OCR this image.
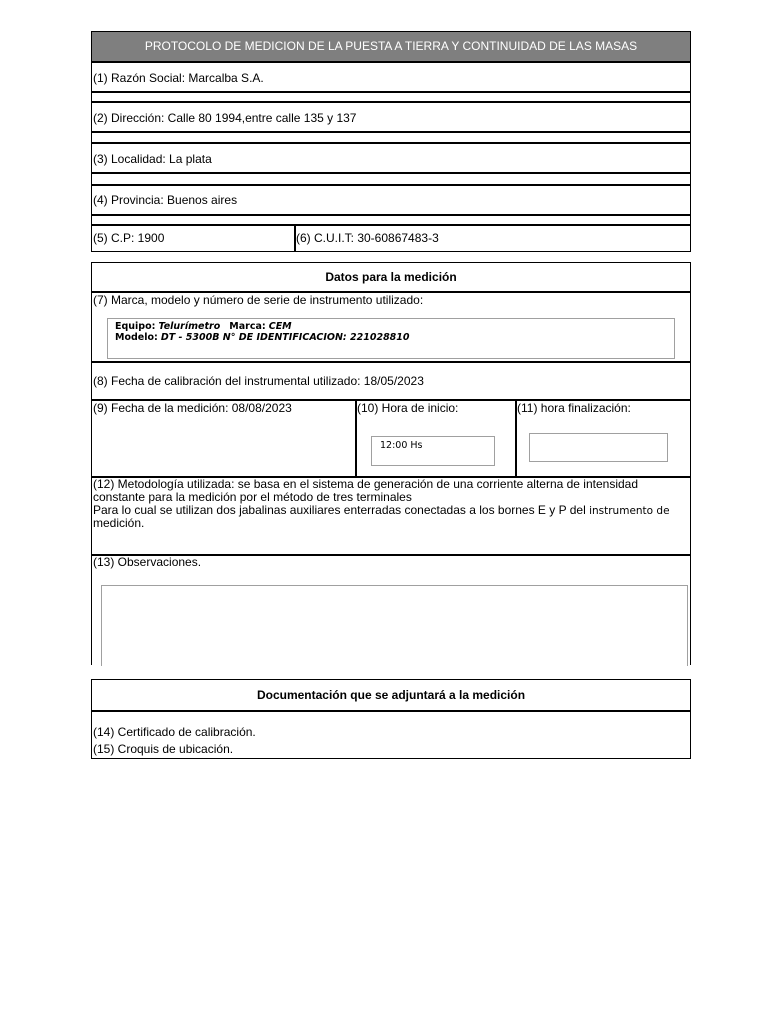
PROTOCOLO DE MEDICION DE LA PUESTA A TIERRA Y CONTINUIDAD DE LAS MASAS
(1) Razón Social: Marcalba S.A.
(2) Dirección: Calle 80 1994,entre calle 135 y 137
(3) Localidad: La plata
(4) Provincia: Buenos aires
(5) C.P: 1900	(6) C.U.I.T: 30-60867483-3
Datos para la medición
(7) Marca, modelo y número de serie de instrumento utilizado:
Equipo: Telurímetro Marca: CEM
Modelo: DT - 5300B N° DE IDENTIFICACION: 221028810
(8) Fecha de calibración del instrumental utilizado: 18/05/2023
(9) Fecha de la medición: 08/08/2023	(10) Hora de inicio:
12:00 Hs
(11) hora finalización:
(12) Metodología utilizada: se basa en el sistema de generación de una corriente alterna de intensidad
constante para la medición por el método de tres terminales
Para lo cual se utilizan dos jabalinas auxiliares enterradas conectadas a los bornes E y P del instrumento de
medición.
(13) Observaciones.
Documentación que se adjuntará a la medición
(14) Certificado de calibración.
(15) Croquis de ubicación.
